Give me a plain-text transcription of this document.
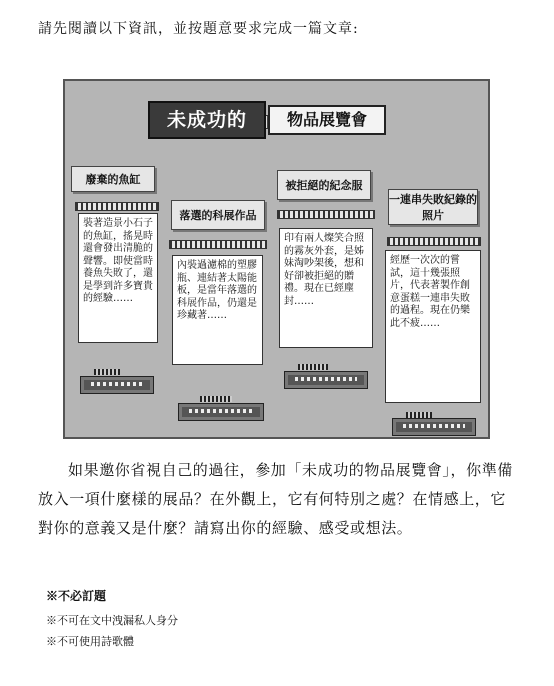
請先閱讀以下資訊，並按題意要求完成一篇文章:
未成功的	物品展覽會
廢棄的魚缸
裝著造景小石子的魚缸，搖晃時還會發出清脆的聲響。即使當時養魚失敗了，還是學到許多寶貴的經驗……
落選的科展作品
內裝過濾棉的塑膠瓶、連結著太陽能板，是當年落選的科展作品，仍還是珍藏著……
被拒絕的紀念服
印有兩人燦笑合照的霧灰外套，是姊妹淘吵架後，想和好卻被拒絕的贈禮。現在已經塵封……
一連串失敗紀錄的照片
經歷一次次的嘗試，這十幾張照片，代表著製作創意蛋糕一連串失敗的過程。現在仍樂此不疲……
如果邀你省視自己的過往，參加「未成功的物品展覽會」，你準備放入一項什麼樣的展品？在外觀上，它有何特別之處？在情感上，它對你的意義又是什麼？請寫出你的經驗、感受或想法。
※不必訂題
※不可在文中洩漏私人身分
※不可使用詩歌體
